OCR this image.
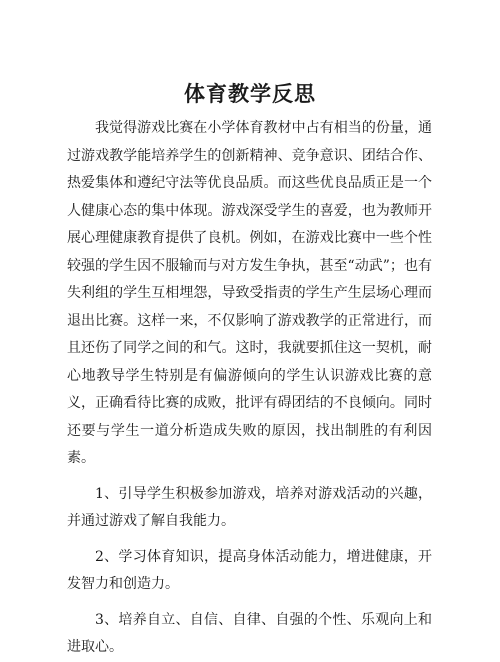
体育教学反思

我觉得游戏比赛在小学体育教材中占有相当的份量，通过游戏教学能培养学生的创新精神、竞争意识、团结合作、热爱集体和遵纪守法等优良品质。而这些优良品质正是一个人健康心态的集中体现。游戏深受学生的喜爱，也为教师开展心理健康教育提供了良机。例如，在游戏比赛中一些个性较强的学生因不服输而与对方发生争执，甚至“动武”；也有失利组的学生互相埋怨，导致受指责的学生产生层场心理而退出比赛。这样一来，不仅影响了游戏教学的正常进行，而且还伤了同学之间的和气。这时，我就要抓住这一契机，耐心地教导学生特别是有偏游倾向的学生认识游戏比赛的意义，正确看待比赛的成败，批评有碍团结的不良倾向。同时还要与学生一道分析造成失败的原因，找出制胜的有利因素。

1、引导学生积极参加游戏，培养对游戏活动的兴趣，并通过游戏了解自我能力。

2、学习体育知识，提高身体活动能力，增进健康，开发智力和创造力。

3、培养自立、自信、自律、自强的个性、乐观向上和进取心。
